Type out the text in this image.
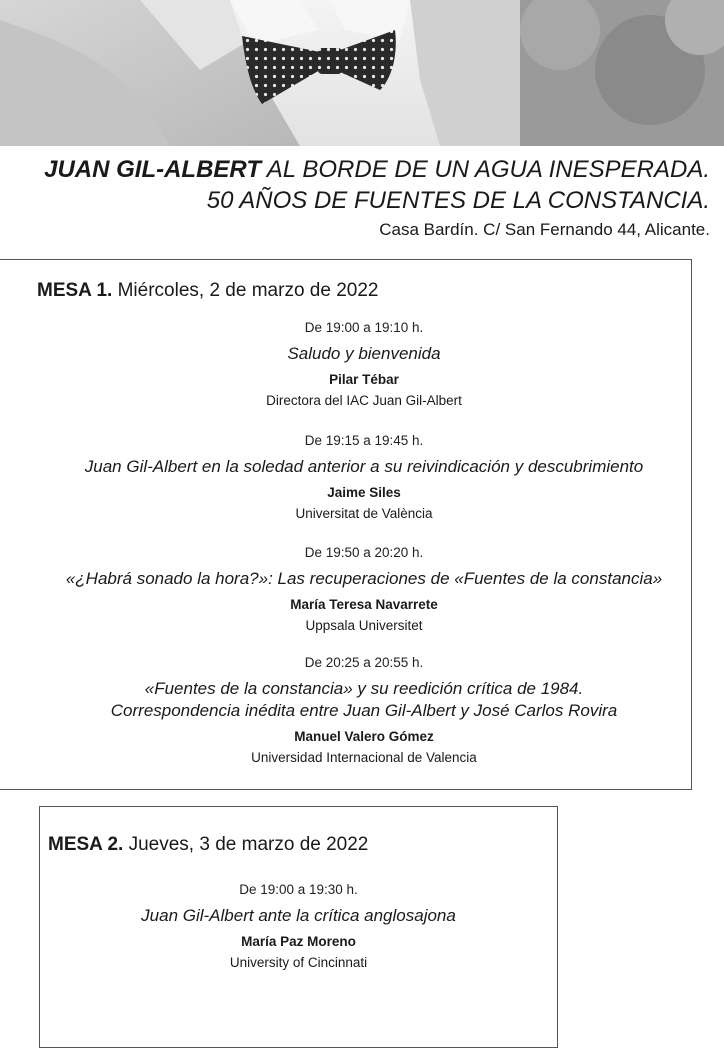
JUAN GIL-ALBERT AL BORDE DE UN AGUA INESPERADA.
50 AÑOS DE FUENTES DE LA CONSTANCIA.
Casa Bardín. C/ San Fernando 44, Alicante.
MESA 1. Miércoles, 2 de marzo de 2022
De 19:00 a 19:10 h.
Saludo y bienvenida
Pilar Tébar
Directora del IAC Juan Gil-Albert
De 19:15 a 19:45 h.
Juan Gil-Albert en la soledad anterior a su reivindicación y descubrimiento
Jaime Siles
Universitat de València
De 19:50 a 20:20 h.
«¿Habrá sonado la hora?»: Las recuperaciones de «Fuentes de la constancia»
María Teresa Navarrete
Uppsala Universitet
De 20:25 a 20:55 h.
«Fuentes de la constancia» y su reedición crítica de 1984.
Correspondencia inédita entre Juan Gil-Albert y José Carlos Rovira
Manuel Valero Gómez
Universidad Internacional de Valencia
MESA 2. Jueves, 3 de marzo de 2022
De 19:00 a 19:30 h.
Juan Gil-Albert ante la crítica anglosajona
María Paz Moreno
University of Cincinnati
